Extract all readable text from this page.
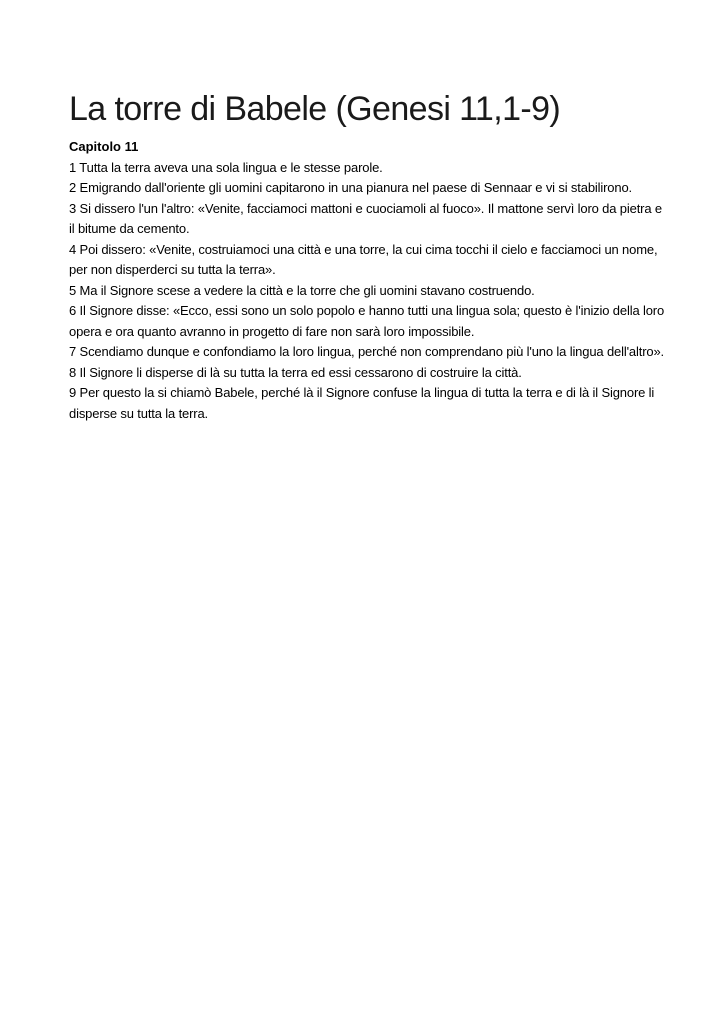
La torre di Babele (Genesi 11,1-9)
Capitolo 11

1 Tutta la terra aveva una sola lingua e le stesse parole.

2 Emigrando dall'oriente gli uomini capitarono in una pianura nel paese di Sennaar e vi si stabilirono.

3 Si dissero l'un l'altro: «Venite, facciamoci mattoni e cuociamoli al fuoco». Il mattone servì loro da pietra e il bitume da cemento.

4 Poi dissero: «Venite, costruiamoci una città e una torre, la cui cima tocchi il cielo e facciamoci un nome, per non disperderci su tutta la terra».

5 Ma il Signore scese a vedere la città e la torre che gli uomini stavano costruendo.

6 Il Signore disse: «Ecco, essi sono un solo popolo e hanno tutti una lingua sola; questo è l'inizio della loro opera e ora quanto avranno in progetto di fare non sarà loro impossibile.

7 Scendiamo dunque e confondiamo la loro lingua, perché non comprendano più l'uno la lingua dell'altro».

8 Il Signore li disperse di là su tutta la terra ed essi cessarono di costruire la città.

9 Per questo la si chiamò Babele, perché là il Signore confuse la lingua di tutta la terra e di là il Signore li disperse su tutta la terra.
